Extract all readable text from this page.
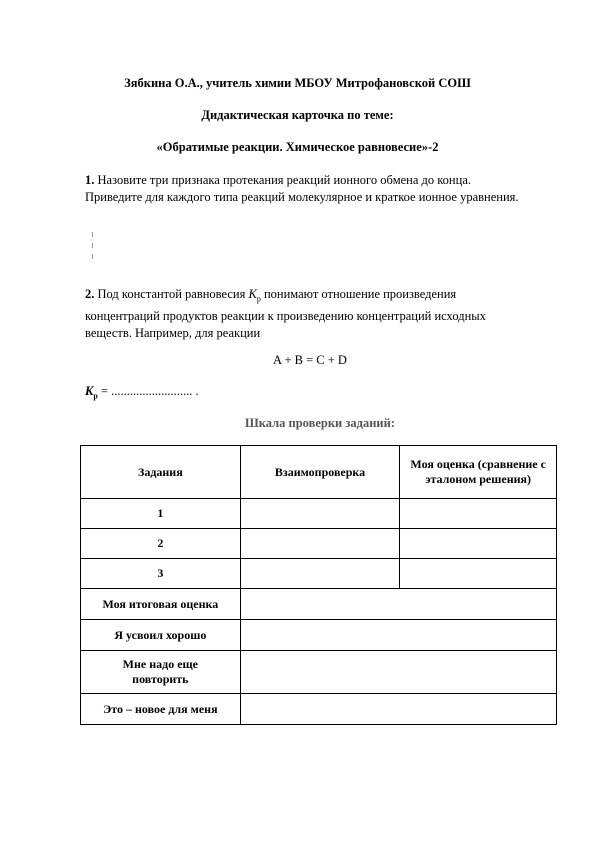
Зябкина О.А., учитель химии МБОУ Митрофановской СОШ
Дидактическая карточка по теме:
«Обратимые реакции. Химическое равновесие»-2
1. Назовите три признака протекания реакций ионного обмена до конца. Приведите для каждого типа реакций молекулярное и краткое ионное уравнения.
2. Под константой равновесия $K_р$ понимают отношение произведения концентраций продуктов реакции к произведению концентраций исходных веществ. Например, для реакции
A + B = C + D
$K_р$ = .......................... .
Шкала проверки заданий:
Задания	Взаимопроверка	Моя оценка (сравнение с эталоном решения)
1		
2		
3		
Моя итоговая оценка		
Я усвоил хорошо		
Мне надо еще повторить		
Это – новое для меня		
